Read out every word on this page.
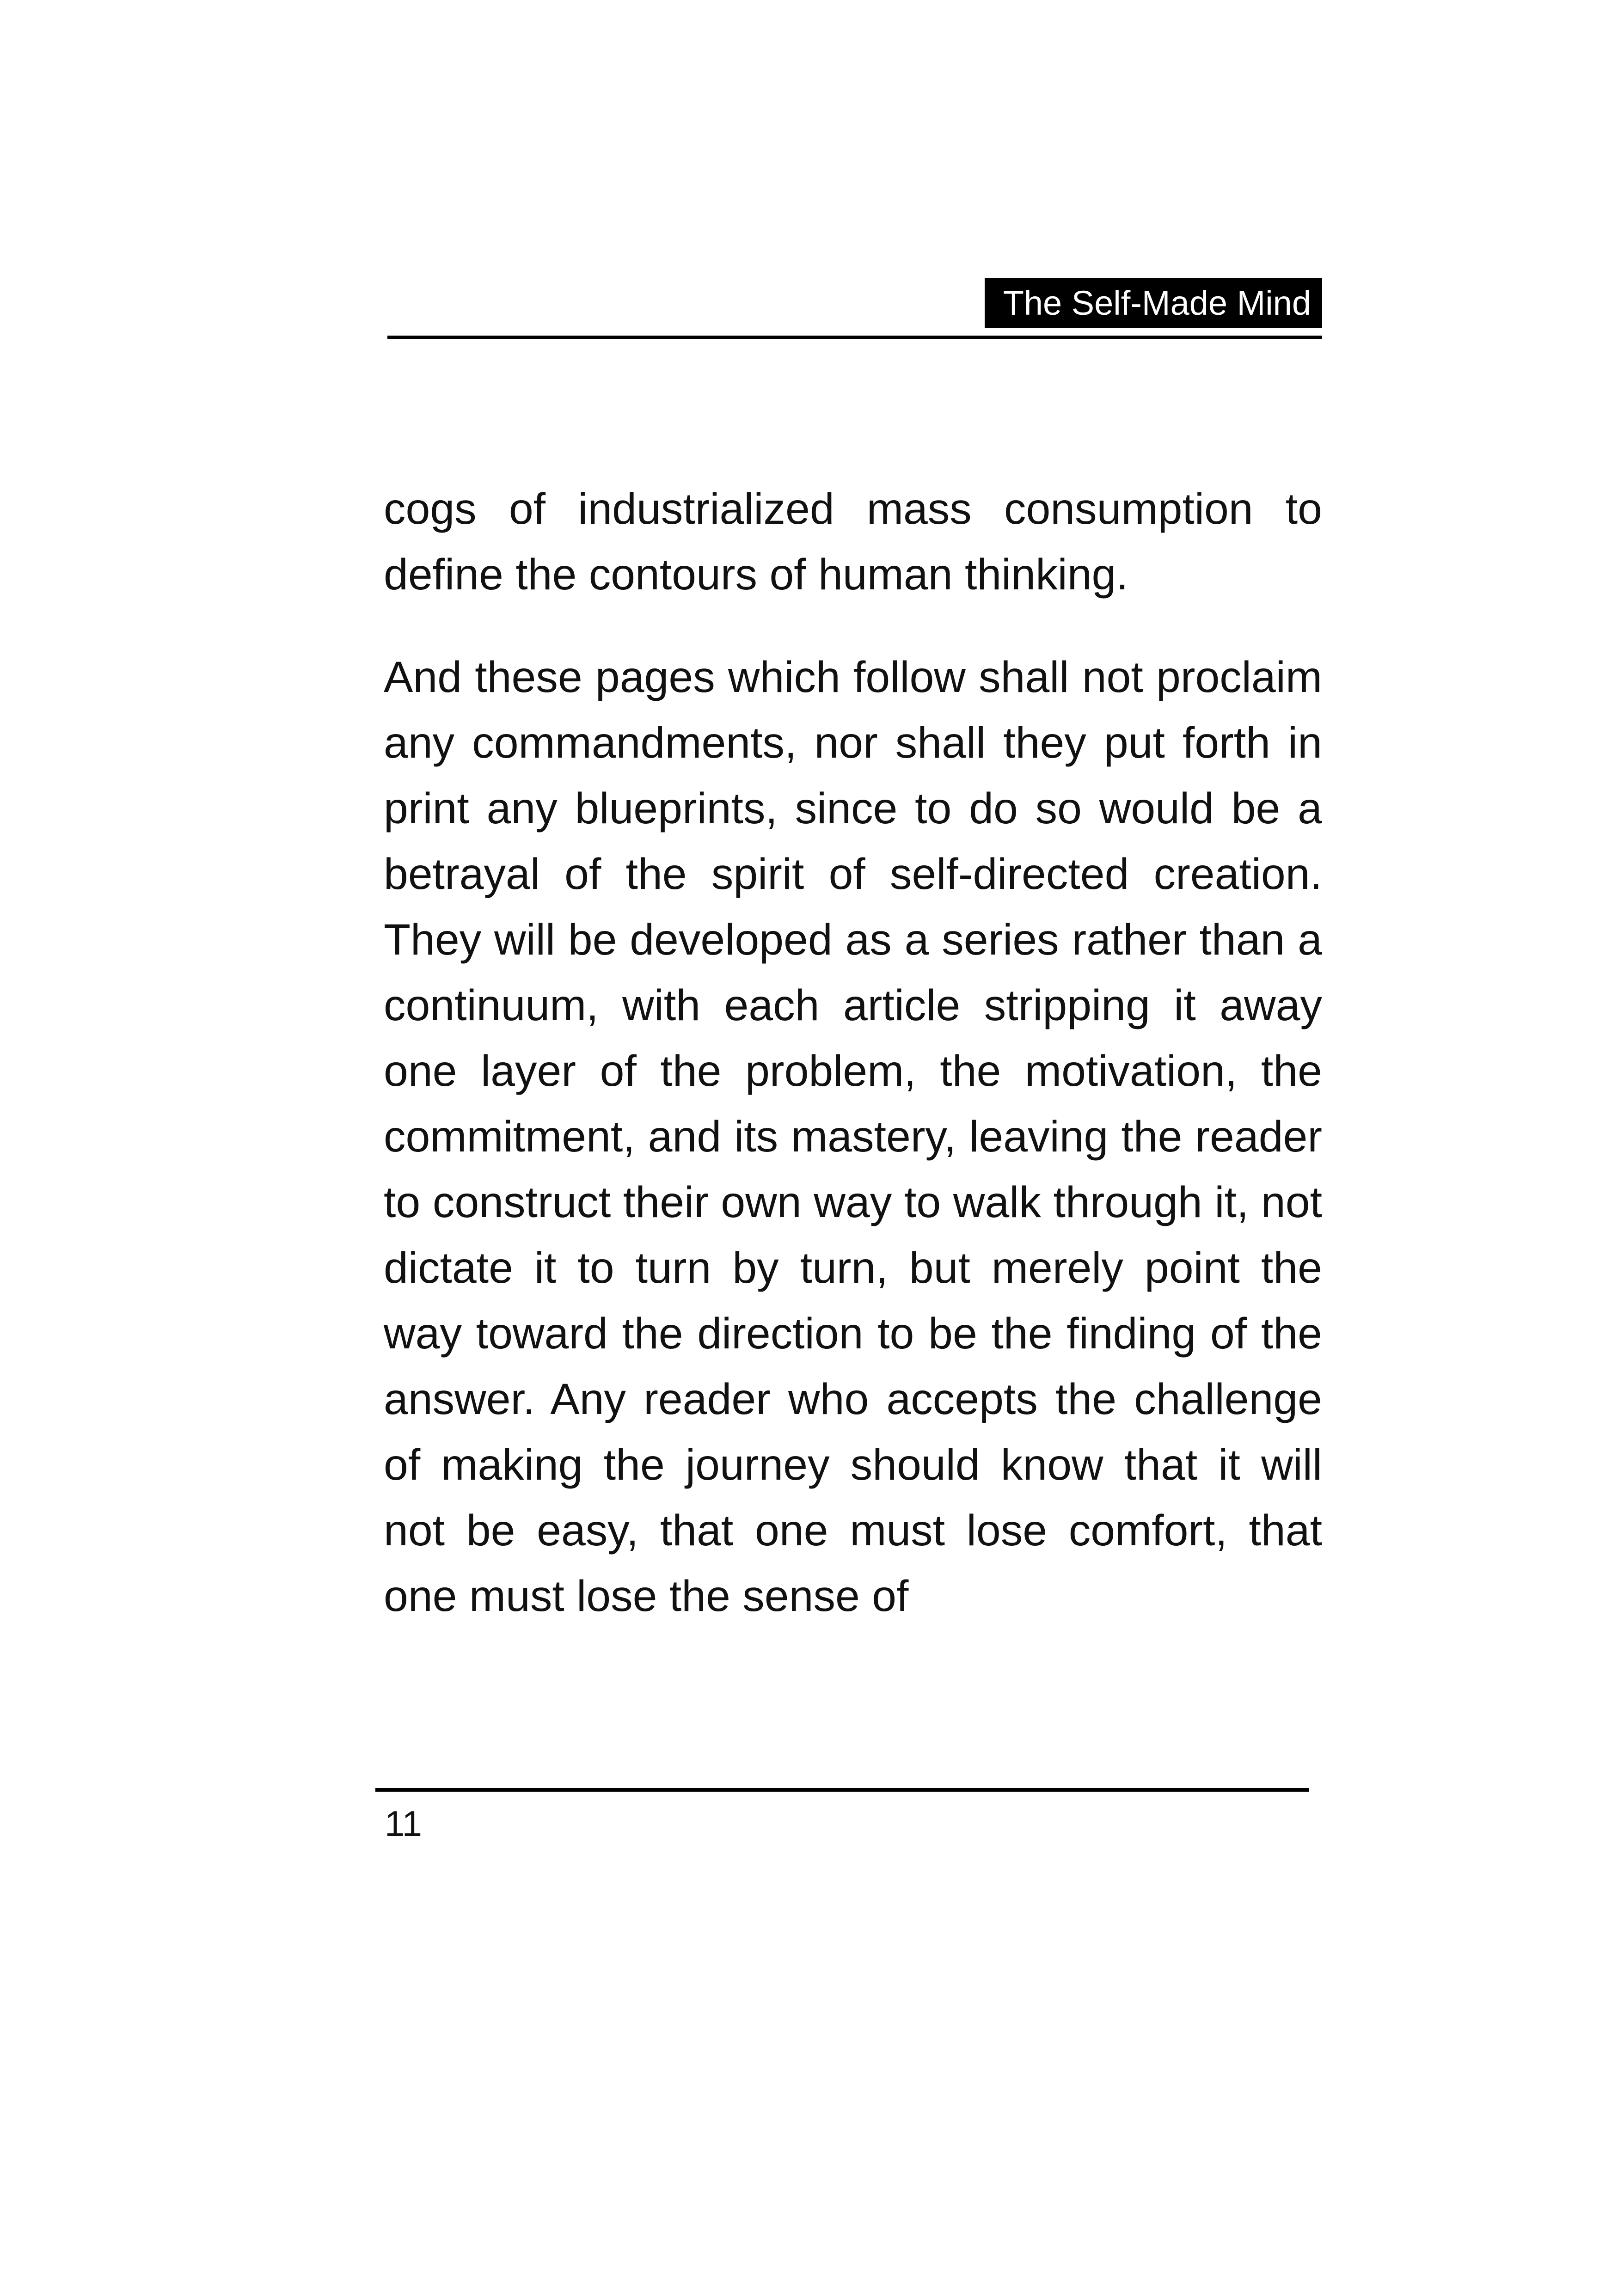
The Self-Made Mind

cogs of industrialized mass consumption to define the contours of human thinking.

And these pages which follow shall not proclaim any commandments, nor shall they put forth in print any blueprints, since to do so would be a betrayal of the spirit of self-directed creation. They will be developed as a series rather than a continuum, with each article stripping it away one layer of the problem, the motivation, the commitment, and its mastery, leaving the reader to construct their own way to walk through it, not dictate it to turn by turn, but merely point the way toward the direction to be the finding of the answer. Any reader who accepts the challenge of making the journey should know that it will not be easy, that one must lose comfort, that one must lose the sense of

11
